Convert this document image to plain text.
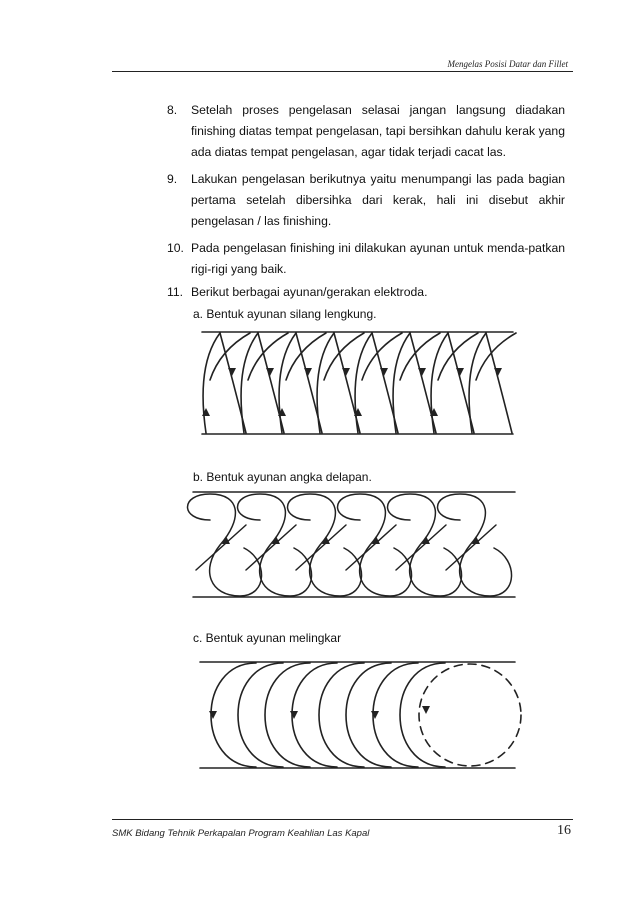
Mengelas Posisi Datar dan Fillet
8. Setelah proses pengelasan selasai jangan langsung diadakan finishing diatas tempat pengelasan, tapi bersihkan dahulu kerak yang ada diatas tempat pengelasan, agar tidak terjadi cacat las.
9. Lakukan pengelasan berikutnya yaitu menumpangi las pada bagian pertama setelah dibersihka dari kerak, hali ini disebut akhir pengelasan / las finishing.
10. Pada pengelasan finishing ini dilakukan ayunan untuk menda-patkan rigi-rigi yang baik.
11. Berikut berbagai ayunan/gerakan elektroda.
a. Bentuk ayunan silang lengkung.
b. Bentuk ayunan angka delapan.
c. Bentuk ayunan melingkar
SMK Bidang Tehnik Perkapalan Program Keahlian Las Kapal	16
